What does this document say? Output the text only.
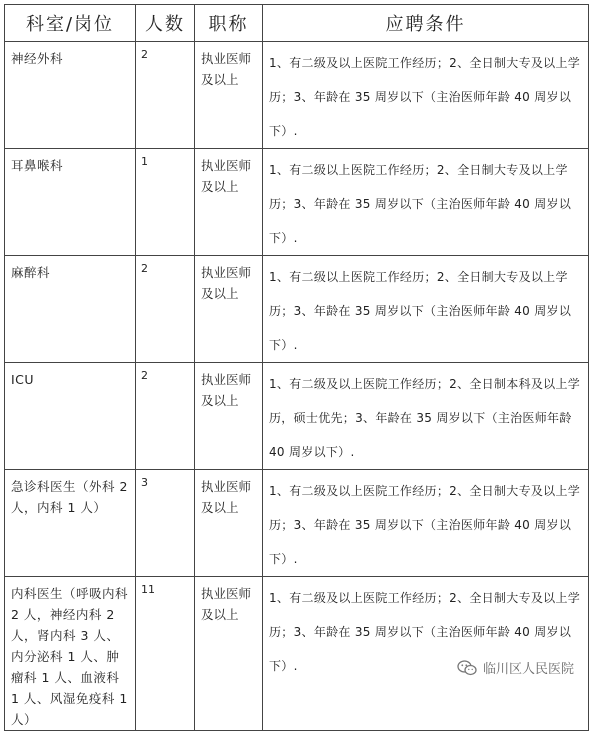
科室/岗位	人数	职称	应聘条件
神经外科	2	执业医师及以上	1、有二级及以上医院工作经历；2、全日制大专及以上学历；3、年龄在 35 周岁以下（主治医师年龄 40 周岁以下）.
耳鼻喉科	1	执业医师及以上	1、有二级以上医院工作经历；2、全日制大专及以上学历；3、年龄在 35 周岁以下（主治医师年龄 40 周岁以下）.
麻醉科	2	执业医师及以上	1、有二级以上医院工作经历；2、全日制大专及以上学历；3、年龄在 35 周岁以下（主治医师年龄 40 周岁以下）.
ICU	2	执业医师及以上	1、有二级及以上医院工作经历；2、全日制本科及以上学历，硕士优先；3、年龄在 35 周岁以下（主治医师年龄 40 周岁以下）.
急诊科医生（外科 2 人，内科 1 人）	3	执业医师及以上	1、有二级及以上医院工作经历；2、全日制大专及以上学历；3、年龄在 35 周岁以下（主治医师年龄 40 周岁以下）.
内科医生（呼吸内科 2 人，神经内科 2 人，肾内科 3 人、内分泌科 1 人、肿瘤科 1 人、血液科 1 人、风湿免疫科 1 人）	11	执业医师及以上	1、有二级及以上医院工作经历；2、全日制大专及以上学历；3、年龄在 35 周岁以下（主治医师年龄 40 周岁以下）.	临川区人民医院
